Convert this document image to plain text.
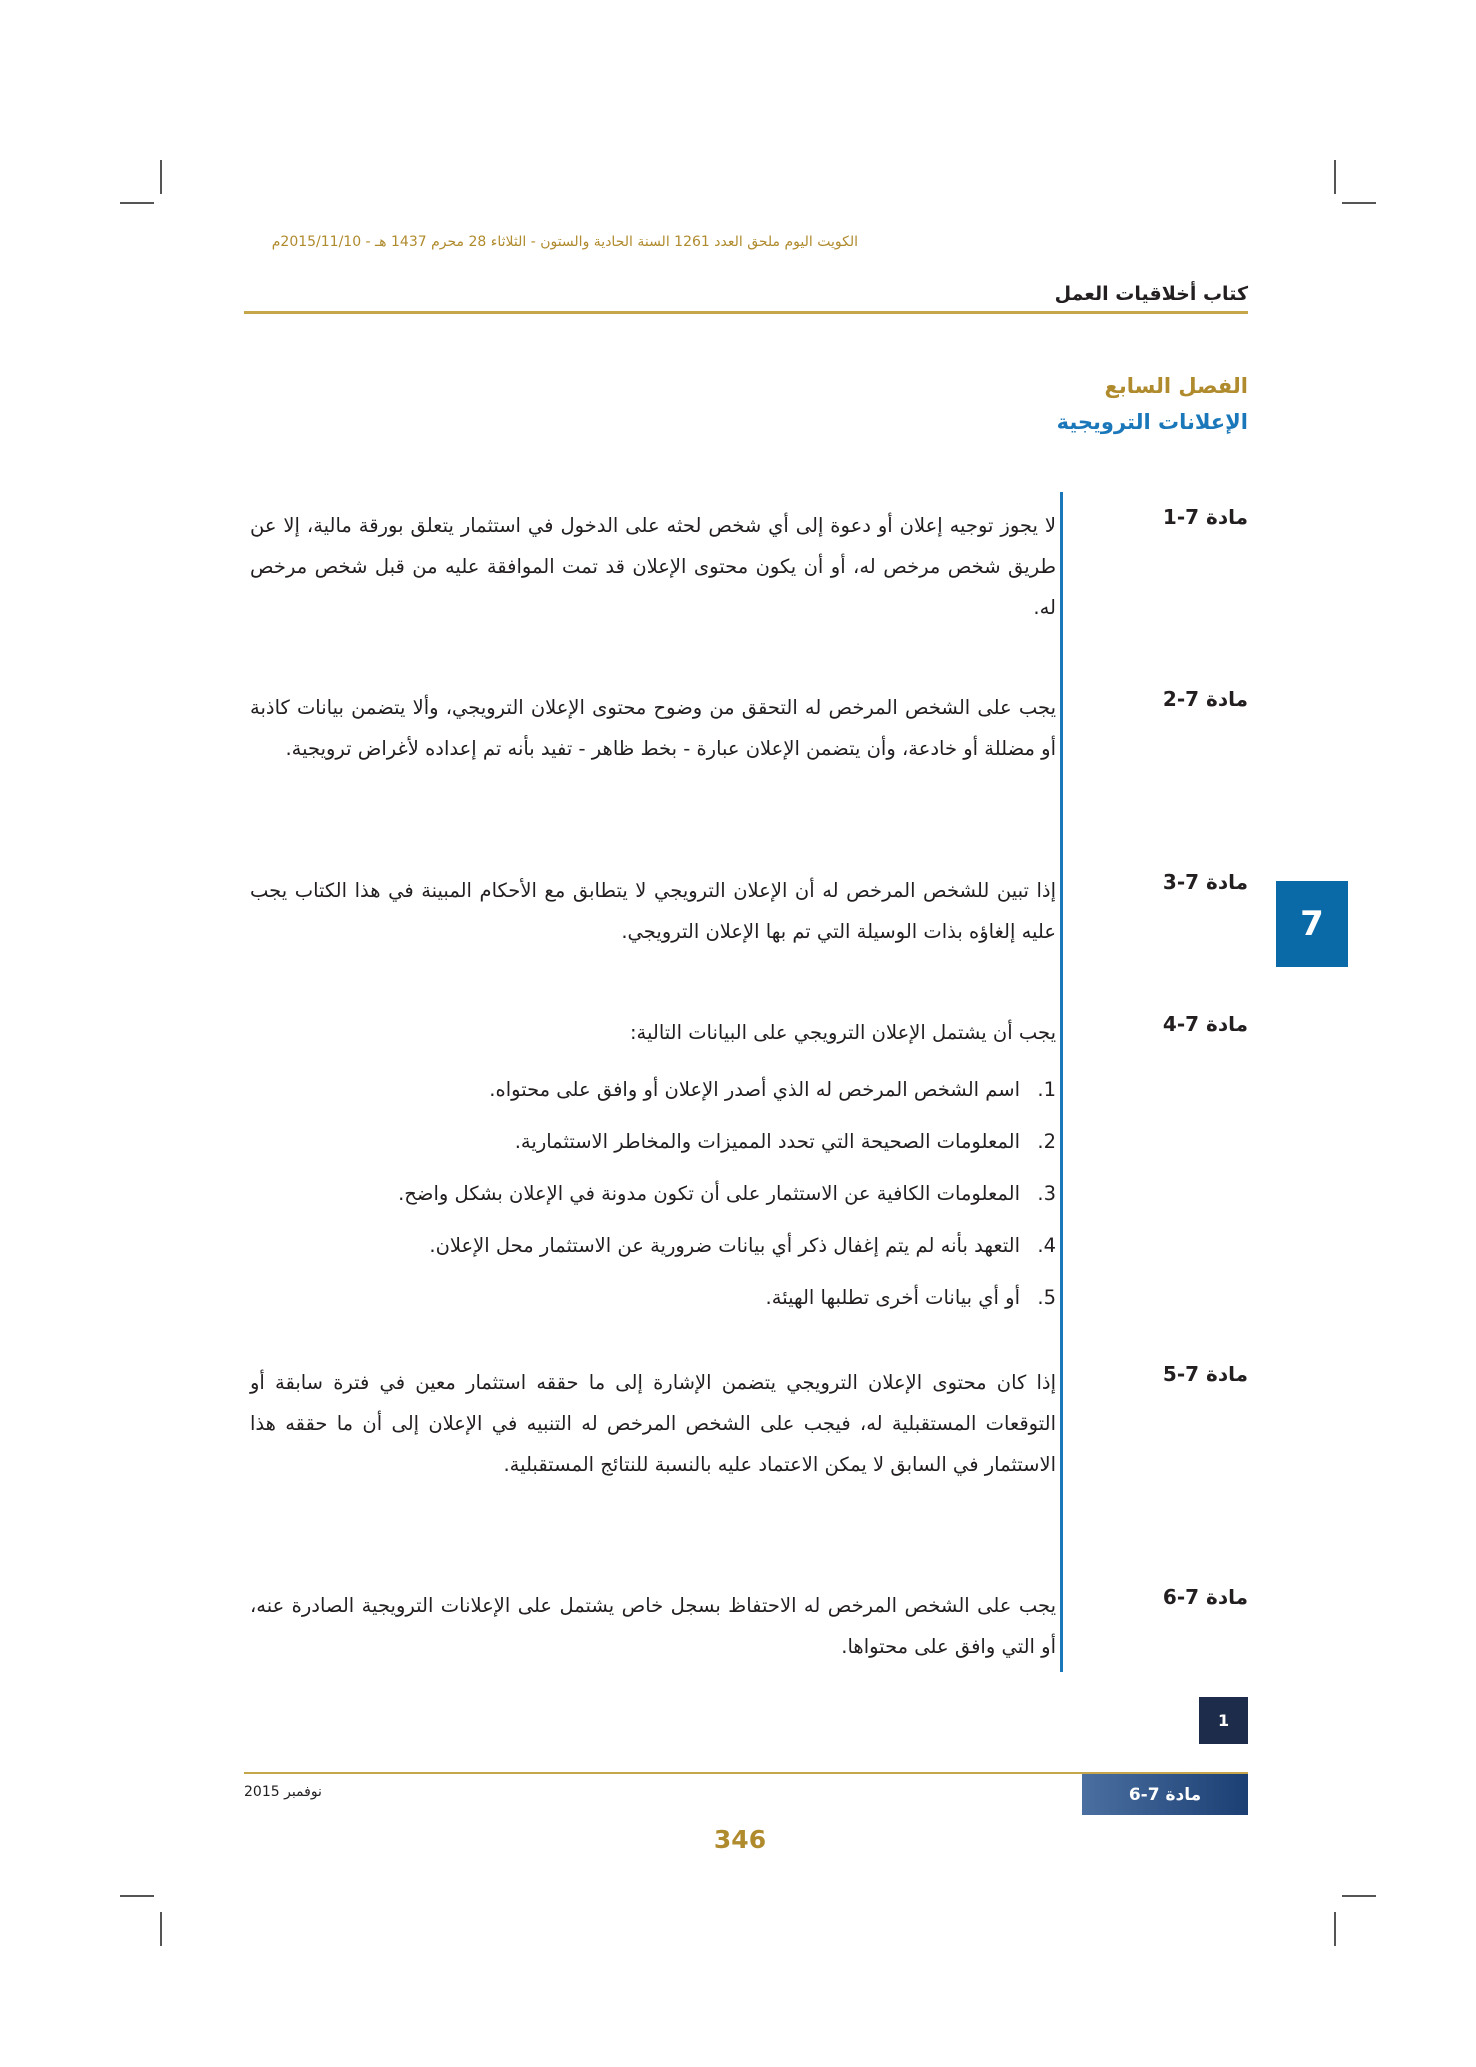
الكويت اليوم ملحق العدد 1261 السنة الحادية والستون - الثلاثاء 28 محرم 1437 هـ - 2015/11/10م
كتاب أخلاقيات العمل
الفصل السابع
الإعلانات الترويجية
7
مادة 7-1
لا يجوز توجيه إعلان أو دعوة إلى أي شخص لحثه على الدخول في استثمار يتعلق بورقة مالية، إلا عن طريق شخص مرخص له، أو أن يكون محتوى الإعلان قد تمت الموافقة عليه من قبل شخص مرخص له.
مادة 7-2
يجب على الشخص المرخص له التحقق من وضوح محتوى الإعلان الترويجي، وألا يتضمن بيانات كاذبة أو مضللة أو خادعة، وأن يتضمن الإعلان عبارة - بخط ظاهر - تفيد بأنه تم إعداده لأغراض ترويجية.
مادة 7-3
إذا تبين للشخص المرخص له أن الإعلان الترويجي لا يتطابق مع الأحكام المبينة في هذا الكتاب يجب عليه إلغاؤه بذات الوسيلة التي تم بها الإعلان الترويجي.
مادة 7-4
يجب أن يشتمل الإعلان الترويجي على البيانات التالية:
1.
اسم الشخص المرخص له الذي أصدر الإعلان أو وافق على محتواه.
2.
المعلومات الصحيحة التي تحدد المميزات والمخاطر الاستثمارية.
3.
المعلومات الكافية عن الاستثمار على أن تكون مدونة في الإعلان بشكل واضح.
4.
التعهد بأنه لم يتم إغفال ذكر أي بيانات ضرورية عن الاستثمار محل الإعلان.
5.
أو أي بيانات أخرى تطلبها الهيئة.
مادة 7-5
إذا كان محتوى الإعلان الترويجي يتضمن الإشارة إلى ما حققه استثمار معين في فترة سابقة أو التوقعات المستقبلية له، فيجب على الشخص المرخص له التنبيه في الإعلان إلى أن ما حققه هذا الاستثمار في السابق لا يمكن الاعتماد عليه بالنسبة للنتائج المستقبلية.
مادة 7-6
يجب على الشخص المرخص له الاحتفاظ بسجل خاص يشتمل على الإعلانات الترويجية الصادرة عنه، أو التي وافق على محتواها.
1
مادة 7-6
نوفمبر 2015
346
